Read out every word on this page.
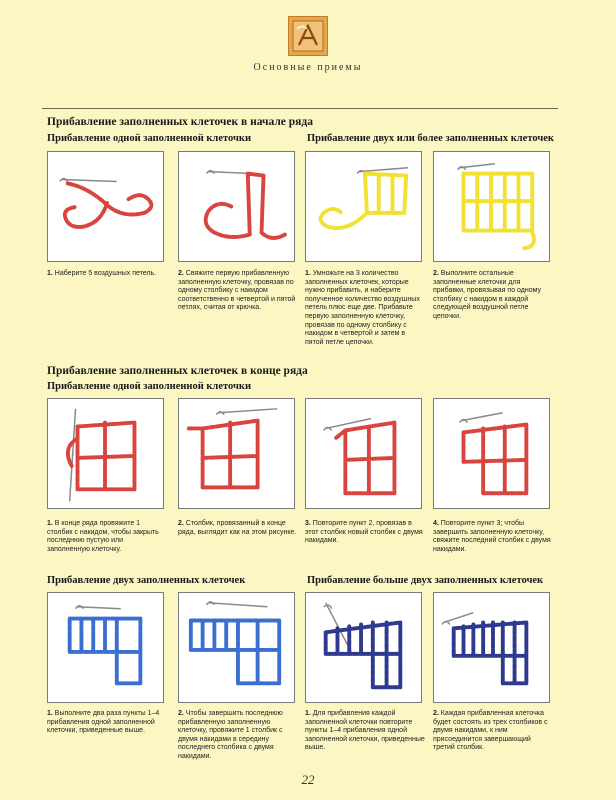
Основные приемы
Прибавление заполненных клеточек в начале ряда
Прибавление одной заполненной клеточки	Прибавление двух или более заполненных клеточек
1. Наберите 5 воздушных петель.	2. Свяжите первую прибавленную заполненную клеточку, провязав по одному столбику с накидом соответственно в четвертой и пятой петлях, считая от крючка.
1. Умножьте на 3 количество заполненных клеточек, которые нужно прибавить, и наберите полученное количество воздушных петель плюс еще две. Прибавьте первую заполненную клеточку, провязав по одному столбику с накидом в четвертой и затем в пятой петле цепочки.
2. Выполните остальные заполненные клеточки для прибавки, провязывая по одному столбику с накидом в каждой следующей воздушной петле цепочки.
Прибавление заполненных клеточек в конце ряда
Прибавление одной заполненной клеточки
1. В конце ряда провяжите 1 столбик с накидом, чтобы закрыть последнюю пустую или заполненную клеточку.
2. Столбик, провязанный в конце ряда, выглядит как на этом рисунке.
3. Повторите пункт 2, провязав в этот столбик новый столбик с двумя накидами.
4. Повторите пункт 3; чтобы завершить заполненную клеточку, свяжите последний столбик с двумя накидами.
Прибавление двух заполненных клеточек	Прибавление больше двух заполненных клеточек
1. Выполните два раза пункты 1–4 прибавления одной заполненной клеточки, приведенные выше.
2. Чтобы завершить последнюю прибавленную заполненную клеточку, провяжите 1 столбик с двумя накидами в середину последнего столбика с двумя накидами.
1. Для прибавления каждой заполненной клеточки повторите пункты 1–4 прибавления одной заполненной клеточки, приведенные выше.
2. Каждая прибавленная клеточка будет состоять из трех столбиков с двумя накидами, к ним присоединится завершающий третий столбик.
22
